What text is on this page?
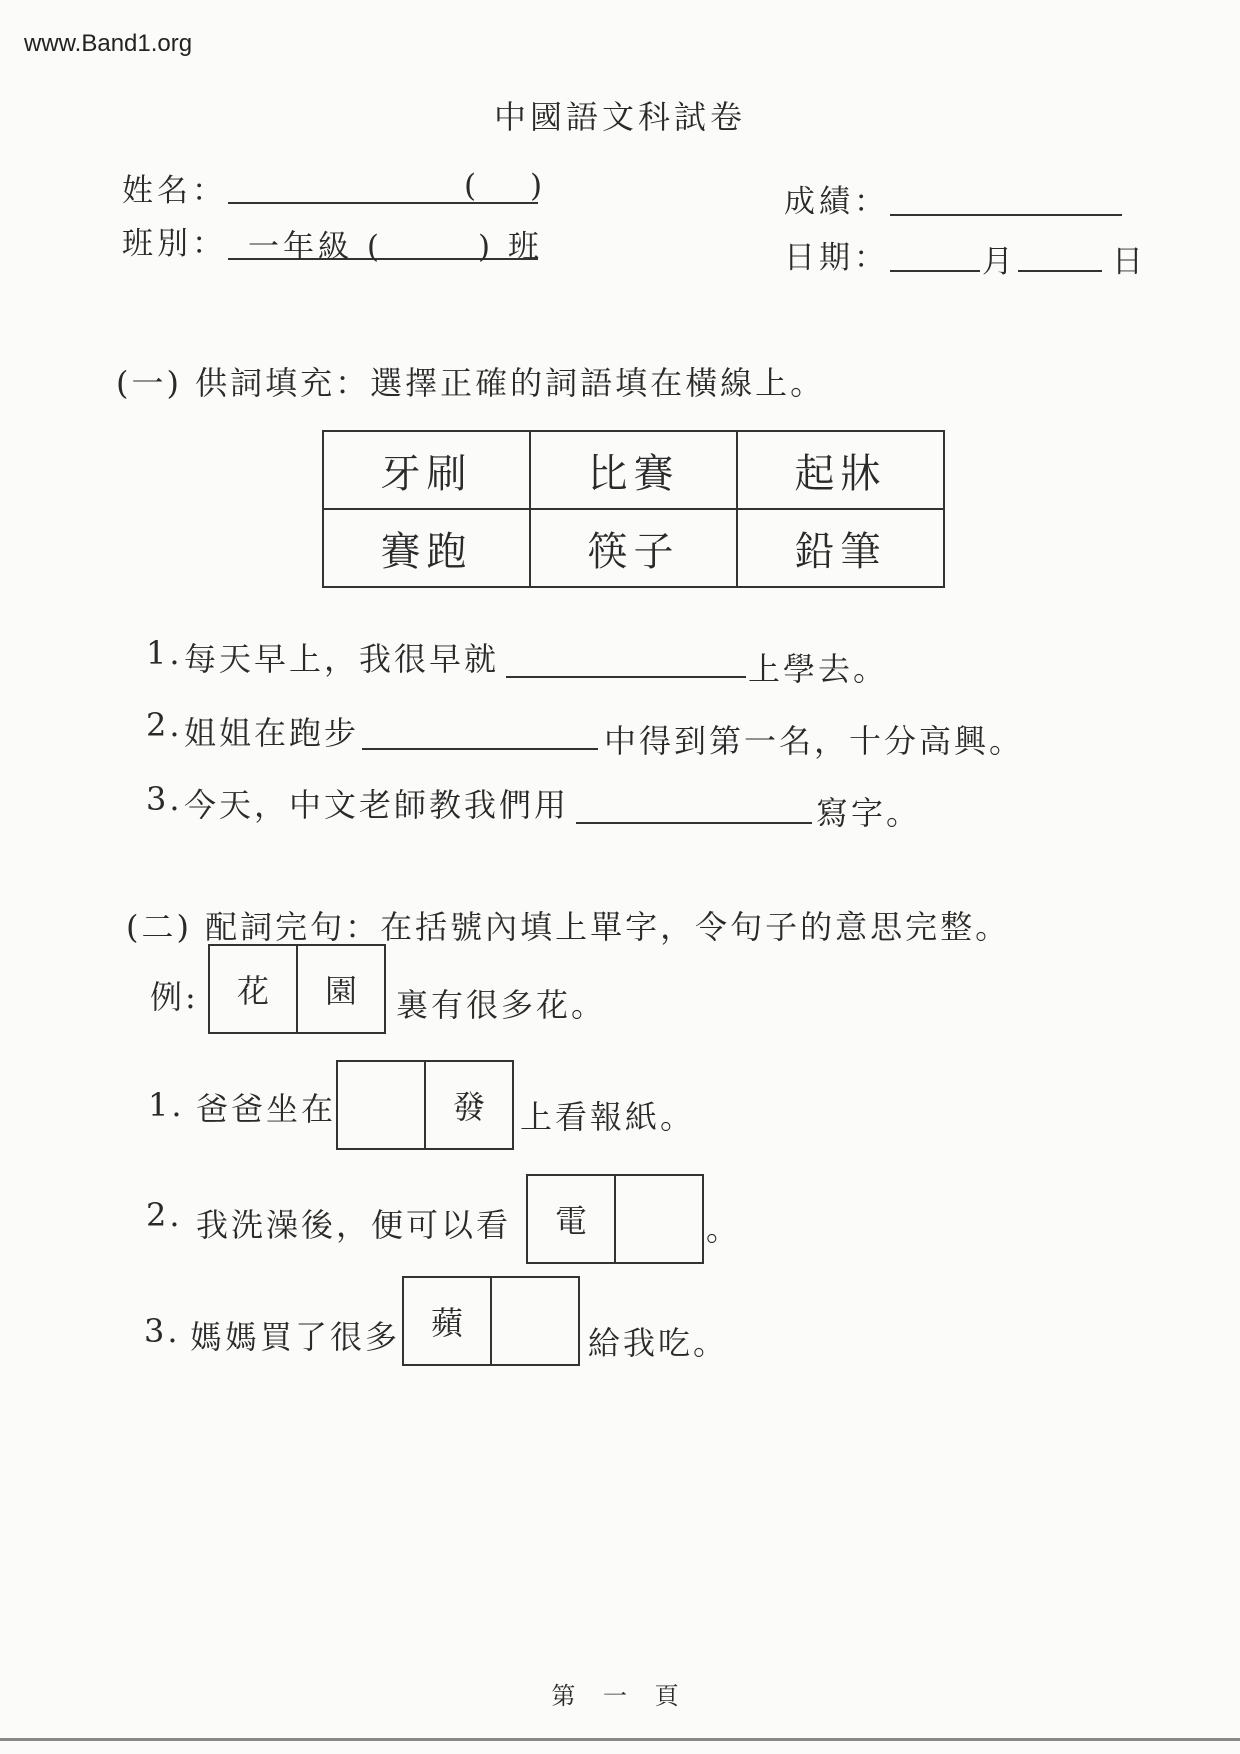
www.Band1.org
中國語文科試卷
姓名：	( )
班別： 一年級 (	) 班
成績：
日期：	月	日
(一) 供詞填充：選擇正確的詞語填在橫線上。
牙刷	比賽	起牀
賽跑	筷子	鉛筆
1. 每天早上，我很早就	上學去。
2. 姐姐在跑步	中得到第一名，十分高興。
3. 今天，中文老師教我們用	寫字。
(二) 配詞完句：在括號內填上單字，令句子的意思完整。
例:	花	園	裏有很多花。
1. 爸爸坐在	發	上看報紙。
2. 我洗澡後，便可以看	電	。
3. 媽媽買了很多 蘋
給我吃。
第 一 頁
